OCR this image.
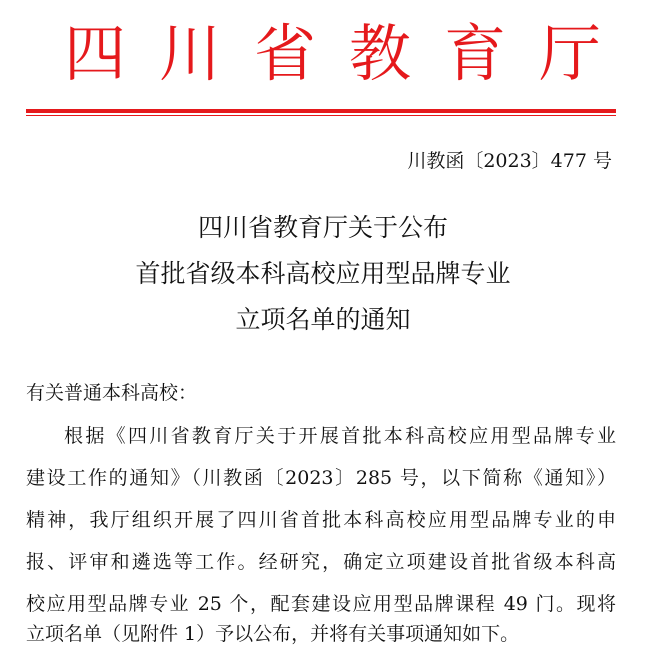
四 川 省 教 育 厅
川教函〔2023〕477 号
四川省教育厅关于公布
首批省级本科高校应用型品牌专业
立项名单的通知
有关普通本科高校：
根据《四川省教育厅关于开展首批本科高校应用型品牌专业
建设工作的通知》（川教函〔2023〕285 号，以下简称《通知》）
精神，我厅组织开展了四川省首批本科高校应用型品牌专业的申
报、评审和遴选等工作。经研究，确定立项建设首批省级本科高
校应用型品牌专业 25 个，配套建设应用型品牌课程 49 门。现将
立项名单（见附件 1）予以公布，并将有关事项通知如下。
